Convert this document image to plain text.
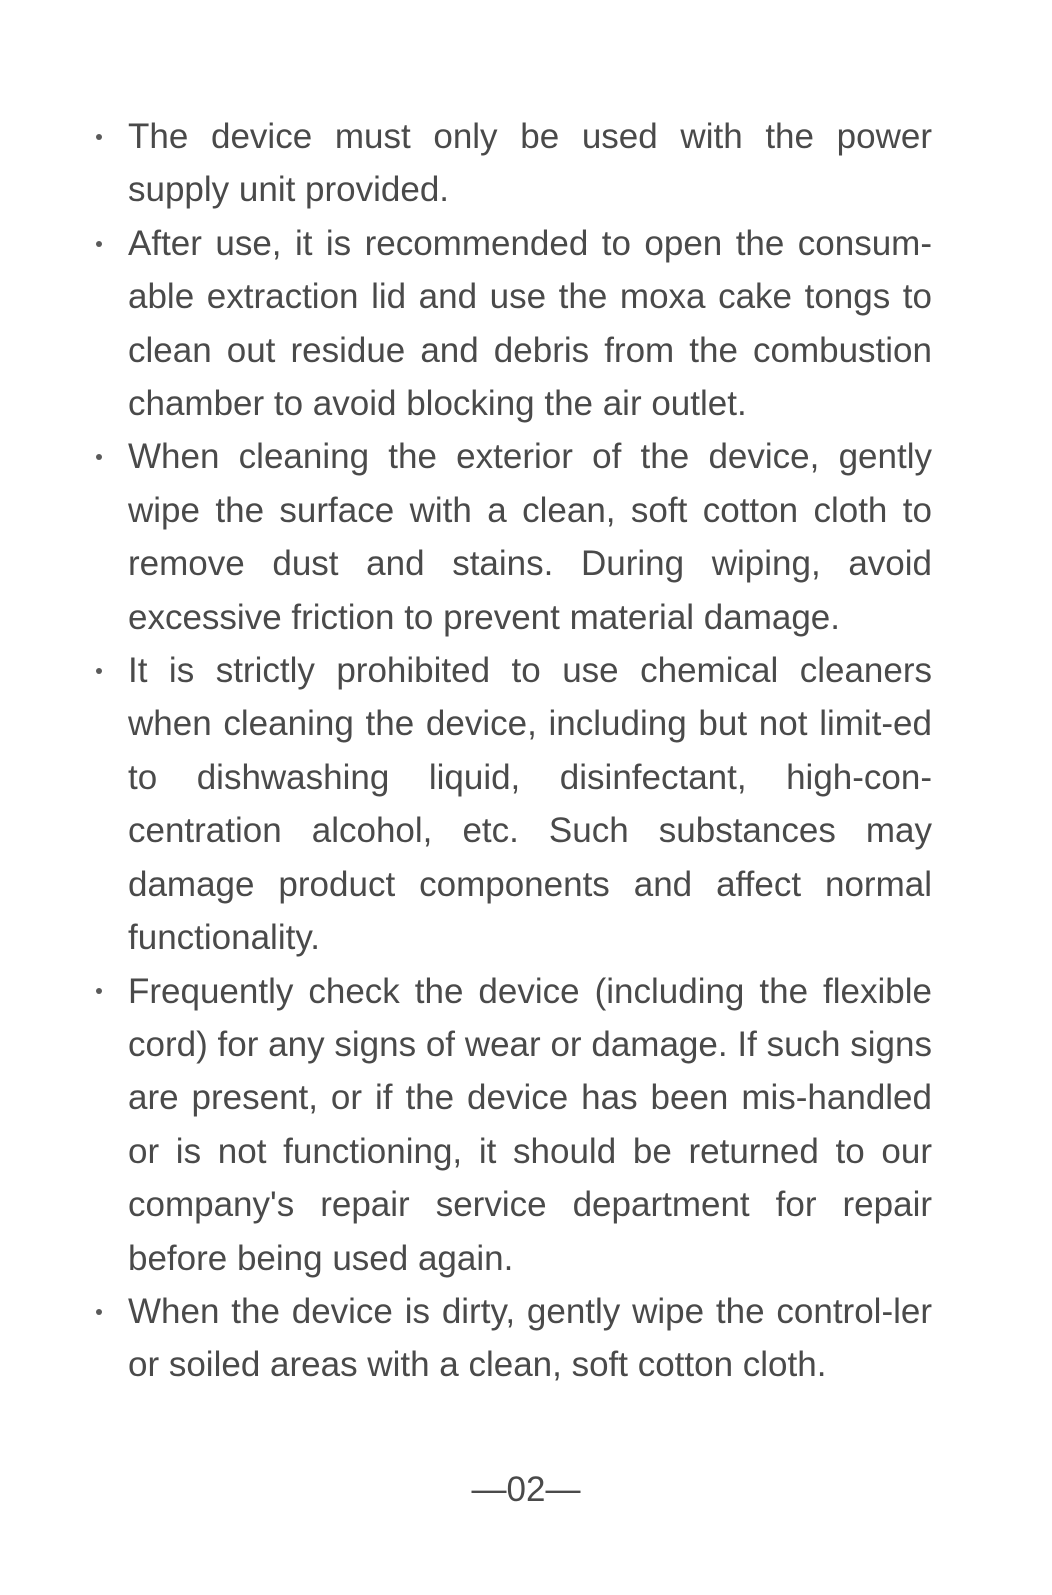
The device must only be used with the power supply unit provided.
After use, it is recommended to open the consum-able extraction lid and use the moxa cake tongs to clean out residue and debris from the combustion chamber to avoid blocking the air outlet.
When cleaning the exterior of the device, gently wipe the surface with a clean, soft cotton cloth to remove dust and stains. During wiping, avoid excessive friction to prevent material damage.
It is strictly prohibited to use chemical cleaners when cleaning the device, including but not limit-ed to dishwashing liquid, disinfectant, high-con-centration alcohol, etc. Such substances may damage product components and affect normal functionality.
Frequently check the device (including the flexible cord) for any signs of wear or damage. If such signs are present, or if the device has been mis-handled or is not functioning, it should be returned to our company's repair service department for repair before being used again.
When the device is dirty, gently wipe the control-ler or soiled areas with a clean, soft cotton cloth.
—02—
